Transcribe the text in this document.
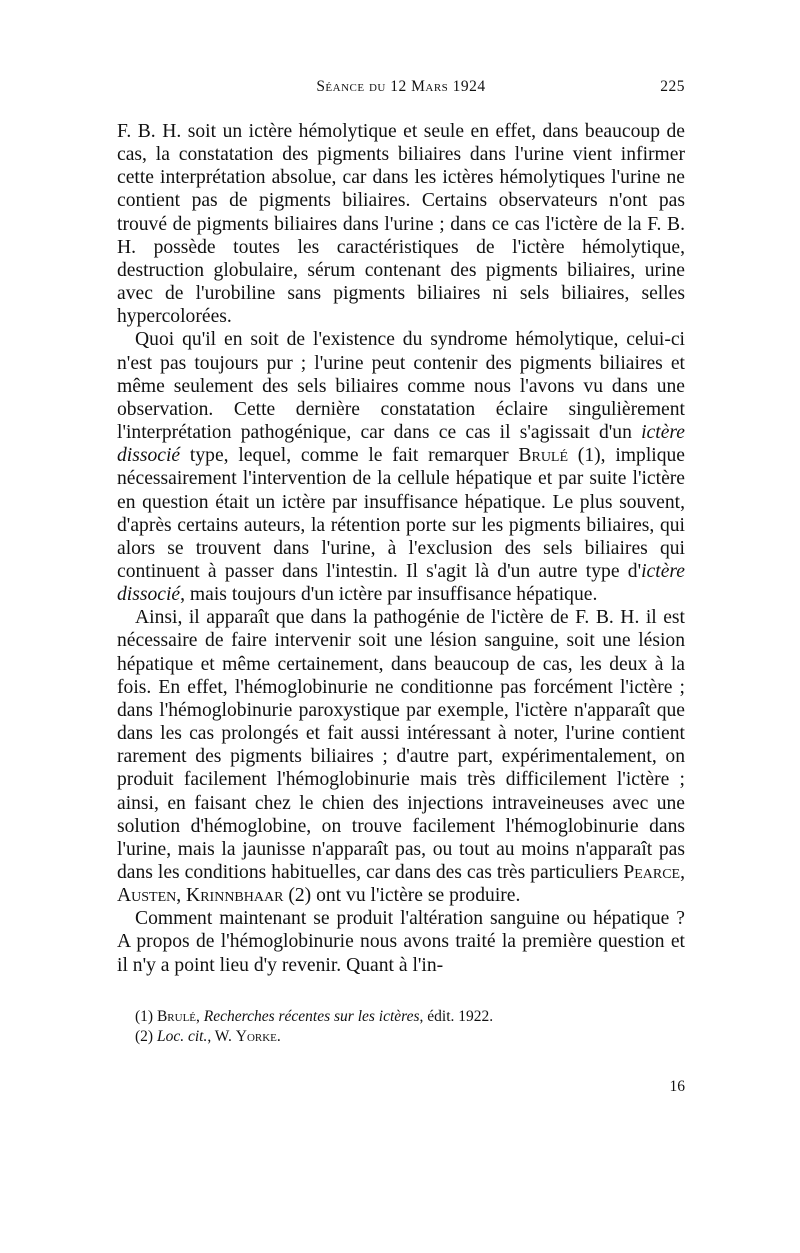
Séance du 12 Mars 1924	225

F. B. H. soit un ictère hémolytique et seule en effet, dans beaucoup de cas, la constatation des pigments biliaires dans l'urine vient infirmer cette interprétation absolue, car dans les ictères hémolytiques l'urine ne contient pas de pigments biliaires. Certains observateurs n'ont pas trouvé de pigments biliaires dans l'urine ; dans ce cas l'ictère de la F. B. H. possède toutes les caractéristiques de l'ictère hémolytique, destruction globulaire, sérum contenant des pigments biliaires, urine avec de l'urobiline sans pigments biliaires ni sels biliaires, selles hypercolorées.

Quoi qu'il en soit de l'existence du syndrome hémolytique, celui-ci n'est pas toujours pur ; l'urine peut contenir des pigments biliaires et même seulement des sels biliaires comme nous l'avons vu dans une observation. Cette dernière constatation éclaire singulièrement l'interprétation pathogénique, car dans ce cas il s'agissait d'un ictère dissocié type, lequel, comme le fait remarquer Brulé (1), implique nécessairement l'intervention de la cellule hépatique et par suite l'ictère en question était un ictère par insuffisance hépatique. Le plus souvent, d'après certains auteurs, la rétention porte sur les pigments biliaires, qui alors se trouvent dans l'urine, à l'exclusion des sels biliaires qui continuent à passer dans l'intestin. Il s'agit là d'un autre type d'ictère dissocié, mais toujours d'un ictère par insuffisance hépatique.

Ainsi, il apparaît que dans la pathogénie de l'ictère de F. B. H. il est nécessaire de faire intervenir soit une lésion sanguine, soit une lésion hépatique et même certainement, dans beaucoup de cas, les deux à la fois. En effet, l'hémoglobinurie ne conditionne pas forcément l'ictère ; dans l'hémoglobinurie paroxystique par exemple, l'ictère n'apparaît que dans les cas prolongés et fait aussi intéressant à noter, l'urine contient rarement des pigments biliaires ; d'autre part, expérimentalement, on produit facilement l'hémoglobinurie mais très difficilement l'ictère ; ainsi, en faisant chez le chien des injections intraveineuses avec une solution d'hémoglobine, on trouve facilement l'hémoglobinurie dans l'urine, mais la jaunisse n'apparaît pas, ou tout au moins n'apparaît pas dans les conditions habituelles, car dans des cas très particuliers Pearce, Austen, Krinnbhaar (2) ont vu l'ictère se produire.

Comment maintenant se produit l'altération sanguine ou hépatique ? A propos de l'hémoglobinurie nous avons traité la première question et il n'y a point lieu d'y revenir. Quant à l'in-

(1) Brulé, Recherches récentes sur les ictères, édit. 1922.

(2) Loc. cit., W. Yorke.

16
